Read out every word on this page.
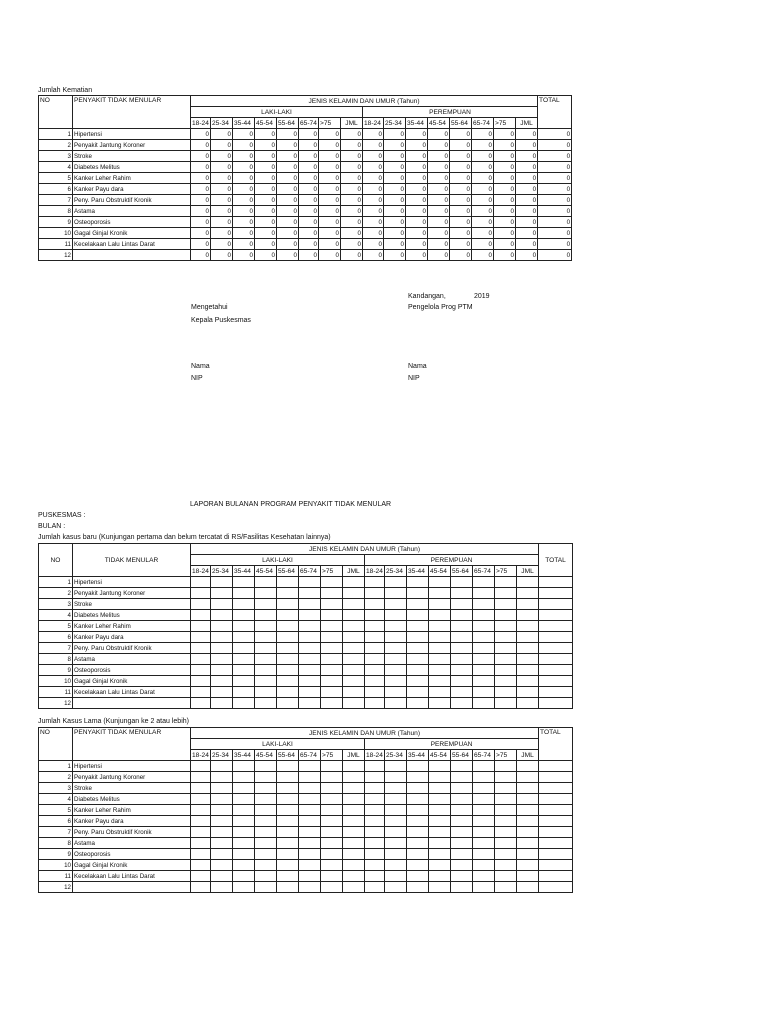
Jumlah Kematian
NO	PENYAKIT TIDAK MENULAR	JENIS KELAMIN DAN UMUR (Tahun)																TOTAL
		LAKI-LAKI								PEREMPUAN								
		18-24	25-34	35-44	45-54	55-64	65-74	>75	JML	18-24	25-34	35-44	45-54	55-64	65-74	>75	JML	
1	Hipertensi	0	0	0	0	0	0	0	0	0	0	0	0	0	0	0	0	0
2	Penyakit Jantung Koroner	0	0	0	0	0	0	0	0	0	0	0	0	0	0	0	0	0
3	Stroke	0	0	0	0	0	0	0	0	0	0	0	0	0	0	0	0	0
4	Diabetes Melitus	0	0	0	0	0	0	0	0	0	0	0	0	0	0	0	0	0
5	Kanker Leher Rahim	0	0	0	0	0	0	0	0	0	0	0	0	0	0	0	0	0
6	Kanker Payu dara	0	0	0	0	0	0	0	0	0	0	0	0	0	0	0	0	0
7	Peny. Paru Obstruktif Kronik	0	0	0	0	0	0	0	0	0	0	0	0	0	0	0	0	0
8	Astama	0	0	0	0	0	0	0	0	0	0	0	0	0	0	0	0	0
9	Osteoporosis	0	0	0	0	0	0	0	0	0	0	0	0	0	0	0	0	0
10	Gagal Ginjal Kronik	0	0	0	0	0	0	0	0	0	0	0	0	0	0	0	0	0
11	Kecelakaan Lalu Lintas Darat	0	0	0	0	0	0	0	0	0	0	0	0	0	0	0	0	0
12		0	0	0	0	0	0	0	0	0	0	0	0	0	0	0	0	0
Kandangan,	2019
Mengetahui	Pengelola Prog PTM
Kepala Puskesmas
Nama	Nama
NIP	NIP
LAPORAN BULANAN PROGRAM PENYAKIT TIDAK MENULAR
PUSKESMAS :
BULAN :
Jumlah kasus baru (Kunjungan pertama dan belum tercatat di RS/Fasilitas Kesehatan lainnya)
NO	TIDAK MENULAR	JENIS KELAMIN DAN UMUR (Tahun)																TOTAL
		LAKI-LAKI								PEREMPUAN								
		18-24	25-34	35-44	45-54	55-64	65-74	>75	JML	18-24	25-34	35-44	45-54	55-64	65-74	>75	JML	
1	Hipertensi																	
2	Penyakit Jantung Koroner																	
3	Stroke																	
4	Diabetes Melitus																	
5	Kanker Leher Rahim																	
6	Kanker Payu dara																	
7	Peny. Paru Obstruktif Kronik																	
8	Astama																	
9	Osteoporosis																	
10	Gagal Ginjal Kronik																	
11	Kecelakaan Lalu Lintas Darat																	
12																		
Jumlah Kasus Lama (Kunjungan ke 2 atau lebih)
NO	PENYAKIT TIDAK MENULAR	JENIS KELAMIN DAN UMUR (Tahun)																TOTAL
		LAKI-LAKI								PEREMPUAN								
		18-24	25-34	35-44	45-54	55-64	65-74	>75	JML	18-24	25-34	35-44	45-54	55-64	65-74	>75	JML	
1	Hipertensi																	
2	Penyakit Jantung Koroner																	
3	Stroke																	
4	Diabetes Melitus																	
5	Kanker Leher Rahim																	
6	Kanker Payu dara																	
7	Peny. Paru Obstruktif Kronik																	
8	Astama																	
9	Osteoporosis																	
10	Gagal Ginjal Kronik																	
11	Kecelakaan Lalu Lintas Darat																	
12																		
